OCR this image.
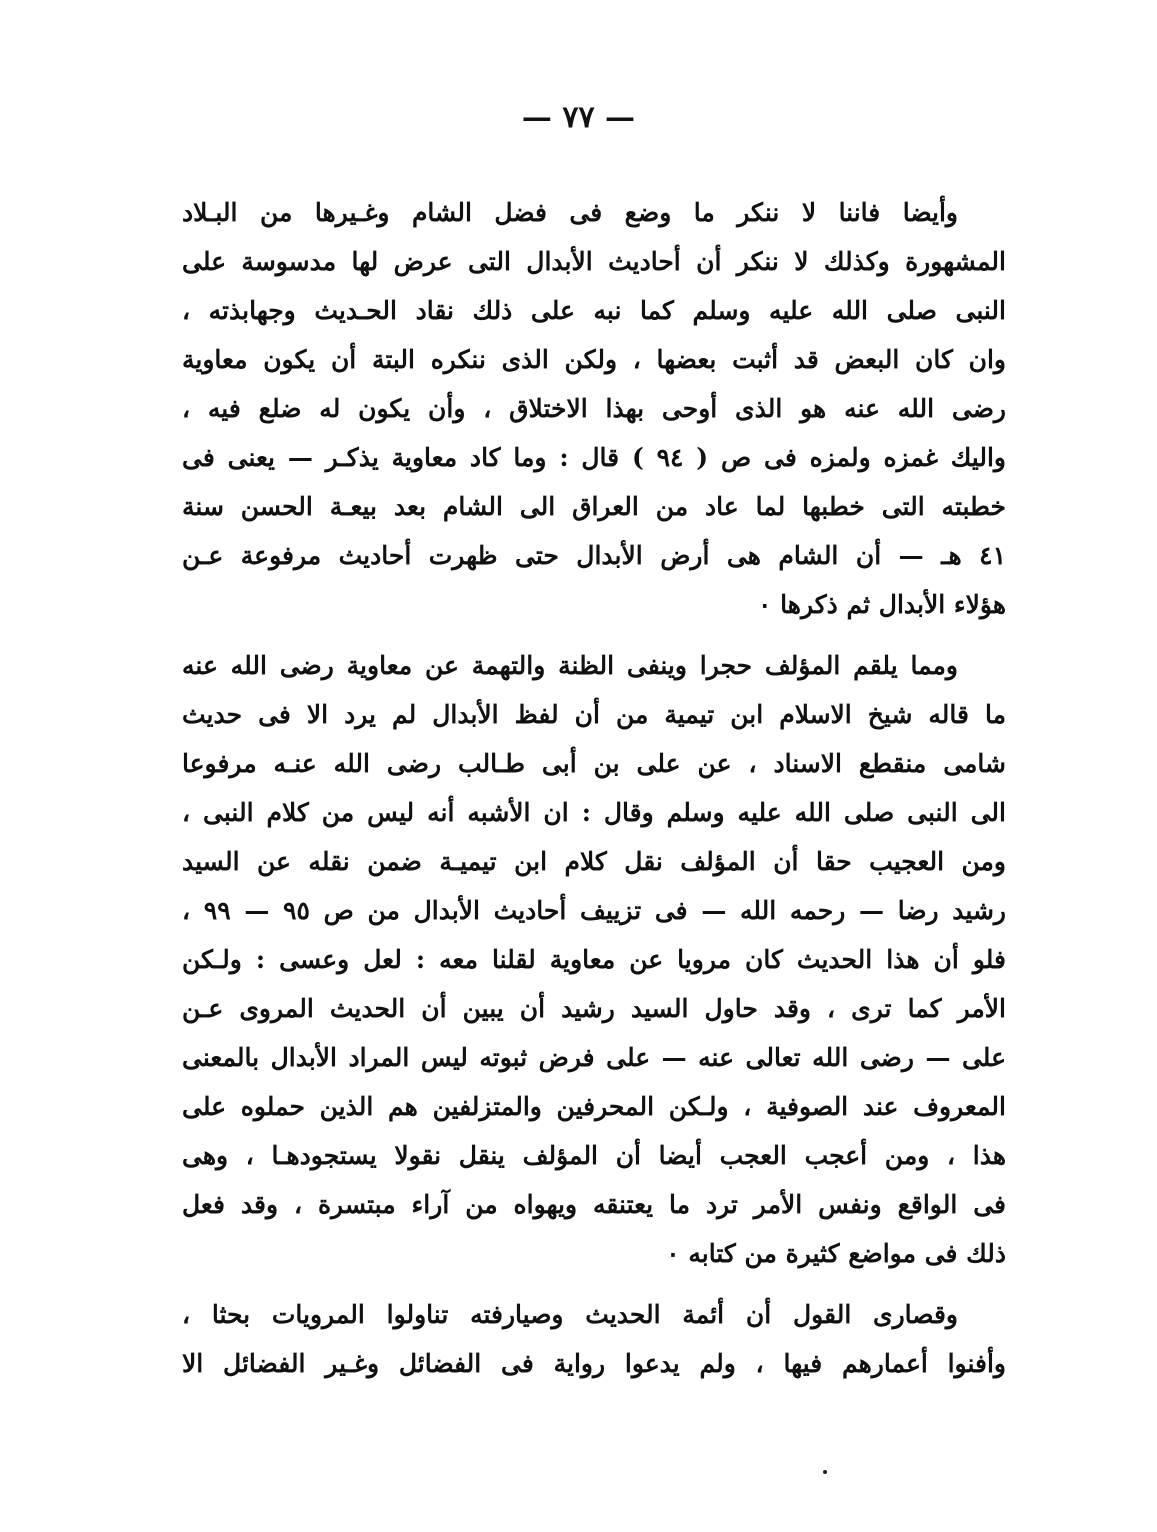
— ٧٧ —
وأيضا فاننا لا ننكر ما وضع فى فضل الشام وغـيرها من البـلاد
المشهورة وكذلك لا ننكر أن أحاديث الأبدال التى عرض لها مدسوسة على
النبى صلى الله عليه وسلم كما نبه على ذلك نقاد الحـديث وجهابذته ،
وان كان البعض قد أثبت بعضها ، ولكن الذى ننكره البتة أن يكون معاوية
رضى الله عنه هو الذى أوحى بهذا الاختلاق ، وأن يكون له ضلع فيه ،
واليك غمزه ولمزه فى ص ( ٩٤ ) قال : وما كاد معاوية يذكـر — يعنى فى
خطبته التى خطبها لما عاد من العراق الى الشام بعد بيعـة الحسن سنة
٤١ هـ — أن الشام هى أرض الأبدال حتى ظهرت أحاديث مرفوعة عـن
هؤلاء الأبدال ثم ذكرها ٠
ومما يلقم المؤلف حجرا وينفى الظنة والتهمة عن معاوية رضى الله عنه
ما قاله شيخ الاسلام ابن تيمية من أن لفظ الأبدال لم يرد الا فى حديث
شامى منقطع الاسناد ، عن على بن أبى طـالب رضى الله عنـه مرفوعا
الى النبى صلى الله عليه وسلم وقال : ان الأشبه أنه ليس من كلام النبى ،
ومن العجيب حقا أن المؤلف نقل كلام ابن تيميـة ضمن نقله عن السيد
رشيد رضا — رحمه الله — فى تزييف أحاديث الأبدال من ص ٩٥ — ٩٩ ،
فلو أن هذا الحديث كان مرويا عن معاوية لقلنا معه : لعل وعسى : ولـكن
الأمر كما ترى ، وقد حاول السيد رشيد أن يبين أن الحديث المروى عـن
على — رضى الله تعالى عنه — على فرض ثبوته ليس المراد الأبدال بالمعنى
المعروف عند الصوفية ، ولـكن المحرفين والمتزلفين هم الذين حملوه على
هذا ، ومن أعجب العجب أيضا أن المؤلف ينقل نقولا يستجودهـا ، وهى
فى الواقع ونفس الأمر ترد ما يعتنقه ويهواه من آراء مبتسرة ، وقد فعل
ذلك فى مواضع كثيرة من كتابه ٠
وقصارى القول أن أئمة الحديث وصيارفته تناولوا المرويات بحثا ،
وأفنوا أعمارهم فيها ، ولم يدعوا رواية فى الفضائل وغـير الفضائل الا
